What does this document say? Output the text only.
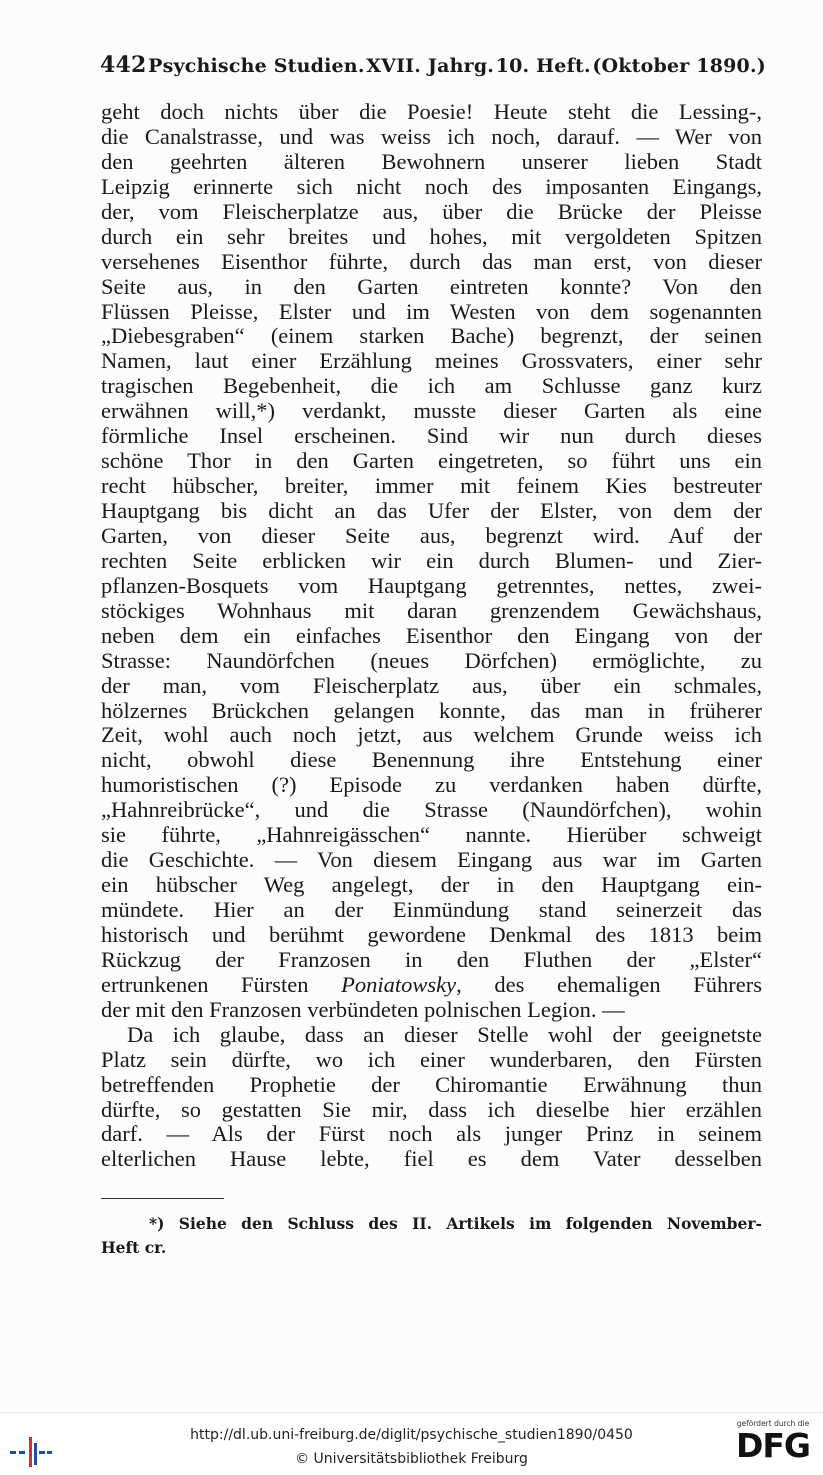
442 Psychische Studien. XVII. Jahrg. 10. Heft. (Oktober 1890.)
geht doch nichts über die Poesie! Heute steht die Lessing-,
die Canalstrasse, und was weiss ich noch, darauf. — Wer von
den geehrten älteren Bewohnern unserer lieben Stadt
Leipzig erinnerte sich nicht noch des imposanten Eingangs,
der, vom Fleischerplatze aus, über die Brücke der Pleisse
durch ein sehr breites und hohes, mit vergoldeten Spitzen
versehenes Eisenthor führte, durch das man erst, von dieser
Seite aus, in den Garten eintreten konnte? Von den
Flüssen Pleisse, Elster und im Westen von dem sogenannten
„Diebesgraben“ (einem starken Bache) begrenzt, der seinen
Namen, laut einer Erzählung meines Grossvaters, einer sehr
tragischen Begebenheit, die ich am Schlusse ganz kurz
erwähnen will,*) verdankt, musste dieser Garten als eine
förmliche Insel erscheinen. Sind wir nun durch dieses
schöne Thor in den Garten eingetreten, so führt uns ein
recht hübscher, breiter, immer mit feinem Kies bestreuter
Hauptgang bis dicht an das Ufer der Elster, von dem der
Garten, von dieser Seite aus, begrenzt wird. Auf der
rechten Seite erblicken wir ein durch Blumen- und Zier-
pflanzen-Bosquets vom Hauptgang getrenntes, nettes, zwei-
stöckiges Wohnhaus mit daran grenzendem Gewächshaus,
neben dem ein einfaches Eisenthor den Eingang von der
Strasse: Naundörfchen (neues Dörfchen) ermöglichte, zu
der man, vom Fleischerplatz aus, über ein schmales,
hölzernes Brückchen gelangen konnte, das man in früherer
Zeit, wohl auch noch jetzt, aus welchem Grunde weiss ich
nicht, obwohl diese Benennung ihre Entstehung einer
humoristischen (?) Episode zu verdanken haben dürfte,
„Hahnreibrücke“, und die Strasse (Naundörfchen), wohin
sie führte, „Hahnreigässchen“ nannte. Hierüber schweigt
die Geschichte. — Von diesem Eingang aus war im Garten
ein hübscher Weg angelegt, der in den Hauptgang ein-
mündete. Hier an der Einmündung stand seinerzeit das
historisch und berühmt gewordene Denkmal des 1813 beim
Rückzug der Franzosen in den Fluthen der „Elster“
ertrunkenen Fürsten Poniatowsky, des ehemaligen Führers
der mit den Franzosen verbündeten polnischen Legion. —
Da ich glaube, dass an dieser Stelle wohl der geeignetste
Platz sein dürfte, wo ich einer wunderbaren, den Fürsten
betreffenden Prophetie der Chiromantie Erwähnung thun
dürfte, so gestatten Sie mir, dass ich dieselbe hier erzählen
darf. — Als der Fürst noch als junger Prinz in seinem
elterlichen Hause lebte, fiel es dem Vater desselben
*) Siehe den Schluss des II. Artikels im folgenden November-
Heft cr.
http://dl.ub.uni-freiburg.de/diglit/psychische_studien1890/0450
© Universitätsbibliothek Freiburg
gefördert durch die
DFG
